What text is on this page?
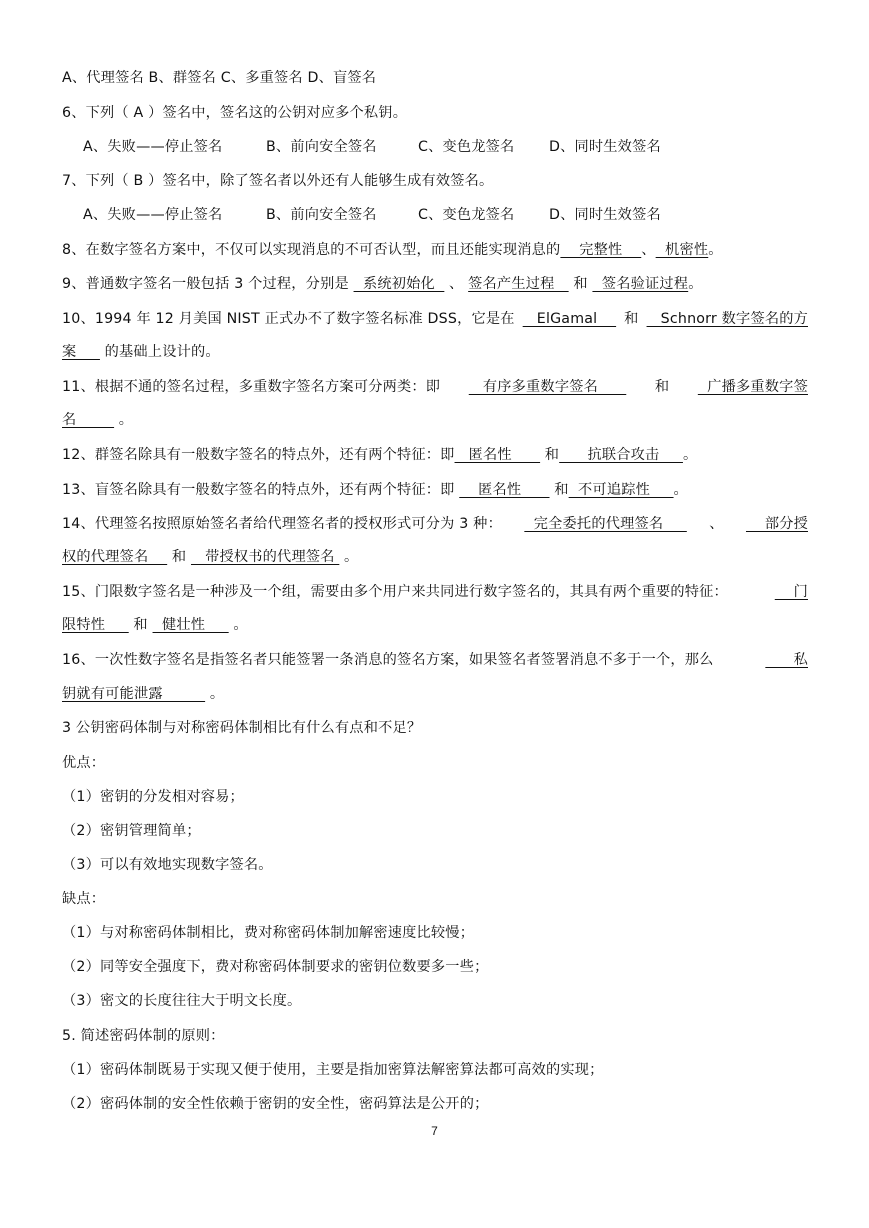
A、代理签名 B、群签名 C、多重签名 D、盲签名
6、下列（ A ）签名中，签名这的公钥对应多个私钥。
A、失败——停止签名	B、前向安全签名	C、变色龙签名 D、同时生效签名
7、下列（ B ）签名中，除了签名者以外还有人能够生成有效签名。
A、失败——停止签名	B、前向安全签名	C、变色龙签名 D、同时生效签名
8、在数字签名方案中，不仅可以实现消息的不可否认型，而且还能实现消息的    完整性    、  机密性。
9、普通数字签名一般包括 3 个过程，分别是   系统初始化   、 签名产生过程    和   签名验证过程。
10、1994 年 12 月美国 NIST 正式办不了数字签名标准 DSS，它是在 ElGamal 和 Schnorr 数字签名的方
案      的基础上设计的。
11、根据不通的签名过程，多重数字签名方案可分两类：即 有序多重数字签名 和 广播多重数字签
名         。
12、群签名除具有一般数字签名的特点外，还有两个特征：即   匿名性       和      抗联合攻击     。
13、盲签名除具有一般数字签名的特点外，还有两个特征：即     匿名性       和  不可追踪性     。
14、代理签名按照原始签名者给代理签名者的授权形式可分为 3 种： 完全委托的代理签名 、 部分授
权的代理签名     和    带授权书的代理签名  。
15、门限数字签名是一种涉及一个组，需要由多个用户来共同进行数字签名的，其具有两个重要的特征：	门
限特性      和   健壮性      。
16、一次性数字签名是指签名者只能签署一条消息的签名方案，如果签名者签署消息不多于一个，那么	私
钥就有可能泄露          。
3 公钥密码体制与对称密码体制相比有什么有点和不足？
优点：
（1）密钥的分发相对容易；
（2）密钥管理简单；
（3）可以有效地实现数字签名。
缺点：
（1）与对称密码体制相比，费对称密码体制加解密速度比较慢；
（2）同等安全强度下，费对称密码体制要求的密钥位数要多一些；
（3）密文的长度往往大于明文长度。
5. 简述密码体制的原则：
（1）密码体制既易于实现又便于使用，主要是指加密算法解密算法都可高效的实现；
（2）密码体制的安全性依赖于密钥的安全性，密码算法是公开的；
7
